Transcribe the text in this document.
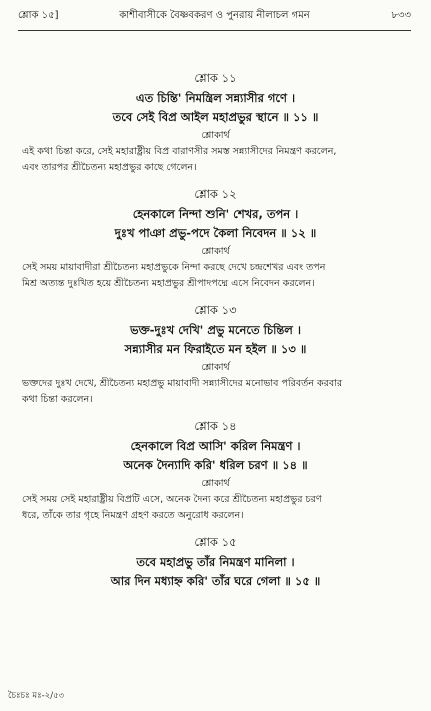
শ্লোক ১৫]	কাশীবাসীকে বৈষ্ণবকরণ ও পুনরায় নীলাচল গমন	৮৩৩
শ্লোক ১১
এত চিন্তি' নিমন্ত্রিল সন্ন্যাসীর গণে ।
তবে সেই বিপ্র আইল মহাপ্রভুর স্থানে ॥ ১১ ॥
শ্লোকার্থ
এই কথা চিন্তা করে, সেই মহারাষ্ট্রীয় বিপ্র বারাণসীর সমস্ত সন্ন্যাসীদের নিমন্ত্রণ করলেন,
এবং তারপর শ্রীচৈতন্য মহাপ্রভুর কাছে গেলেন।
শ্লোক ১২
হেনকালে নিন্দা শুনি' শেখর, তপন ।
দুঃখ পাঞা প্রভু-পদে কৈলা নিবেদন ॥ ১২ ॥
শ্লোকার্থ
সেই সময় মায়াবাদীরা শ্রীচৈতন্য মহাপ্রভুকে নিন্দা করছে দেখে চন্দ্রশেখর এবং তপন
মিশ্র অত্যন্ত দুঃখিত হয়ে শ্রীচৈতন্য মহাপ্রভুর শ্রীপাদপদ্মে এসে নিবেদন করলেন।
শ্লোক ১৩
ভক্ত-দুঃখ দেখি' প্রভু মনেতে চিন্তিল ।
সন্ন্যাসীর মন ফিরাইতে মন হইল ॥ ১৩ ॥
শ্লোকার্থ
ভক্তদের দুঃখ দেখে, শ্রীচৈতন্য মহাপ্রভু মায়াবাদী সন্ন্যাসীদের মনোভাব পরিবর্তন করবার
কথা চিন্তা করলেন।
শ্লোক ১৪
হেনকালে বিপ্র আসি' করিল নিমন্ত্রণ ।
অনেক দৈন্যাদি করি' ধরিল চরণ ॥ ১৪ ॥
শ্লোকার্থ
সেই সময় সেই মহারাষ্ট্রীয় বিপ্রটি এসে, অনেক দৈন্য করে শ্রীচৈতন্য মহাপ্রভুর চরণ
ধরে, তাঁকে তার গৃহে নিমন্ত্রণ গ্রহণ করতে অনুরোধ করলেন।
শ্লোক ১৫
তবে মহাপ্রভু তাঁর নিমন্ত্রণ মানিলা ।
আর দিন মধ্যাহ্ন করি' তাঁর ঘরে গেলা ॥ ১৫ ॥
চৈঃচঃ মঃ-২/৫৩
